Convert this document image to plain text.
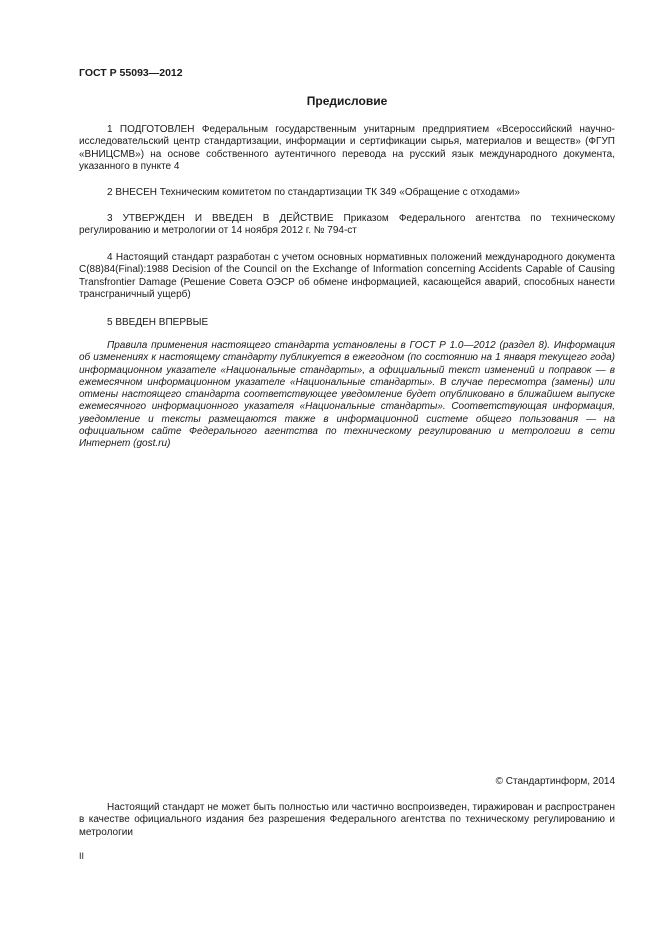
ГОСТ Р 55093—2012
Предисловие

1 ПОДГОТОВЛЕН Федеральным государственным унитарным предприятием «Всероссийский научно-исследовательский центр стандартизации, информации и сертификации сырья, материалов и веществ» (ФГУП «ВНИЦСМВ») на основе собственного аутентичного перевода на русский язык международного документа, указанного в пункте 4

2 ВНЕСЕН Техническим комитетом по стандартизации ТК 349 «Обращение с отходами»

3 УТВЕРЖДЕН И ВВЕДЕН В ДЕЙСТВИЕ Приказом Федерального агентства по техническому регулированию и метрологии от 14 ноября 2012 г. № 794-ст

4 Настоящий стандарт разработан с учетом основных нормативных положений международного документа С(88)84(Final):1988 Decision of the Council on the Exchange of Information concerning Accidents Capable of Causing Transfrontier Damage (Решение Совета ОЭСР об обмене информацией, касающейся аварий, способных нанести трансграничный ущерб)

5 ВВЕДЕН ВПЕРВЫЕ

Правила применения настоящего стандарта установлены в ГОСТ Р 1.0—2012 (раздел 8). Информация об изменениях к настоящему стандарту публикуется в ежегодном (по состоянию на 1 января текущего года) информационном указателе «Национальные стандарты», а официальный текст изменений и поправок — в ежемесячном информационном указателе «Национальные стандарты». В случае пересмотра (замены) или отмены настоящего стандарта соответствующее уведомление будет опубликовано в ближайшем выпуске ежемесячного информационного указателя «Национальные стандарты». Соответствующая информация, уведомление и тексты размещаются также в информационной системе общего пользования — на официальном сайте Федерального агентства по техническому регулированию и метрологии в сети Интернет (gost.ru)

© Стандартинформ, 2014

Настоящий стандарт не может быть полностью или частично воспроизведен, тиражирован и распространен в качестве официального издания без разрешения Федерального агентства по техническому регулированию и метрологии

II
